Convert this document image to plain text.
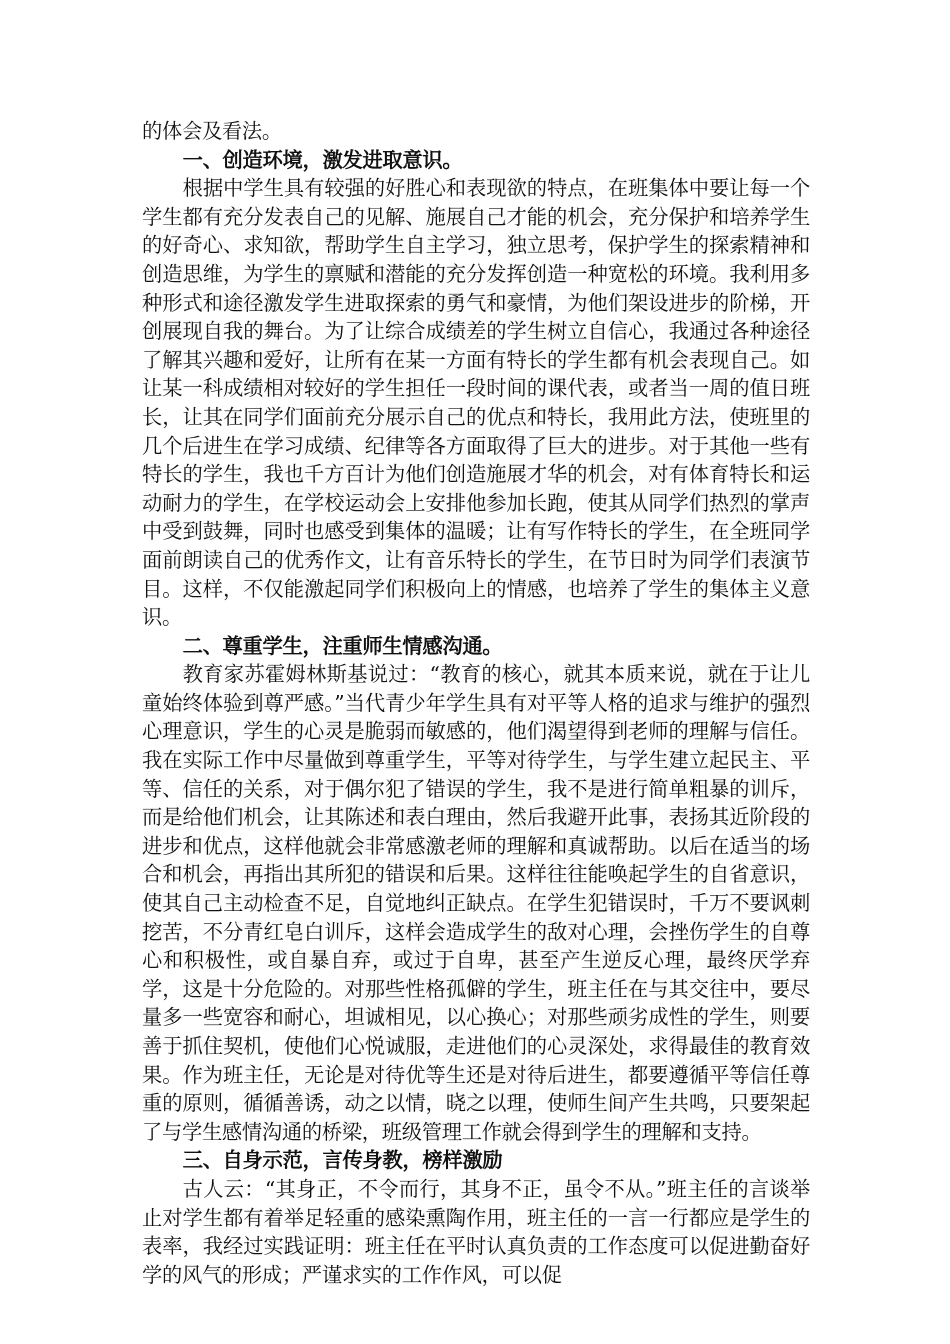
的体会及看法。

一、创造环境，激发进取意识。

根据中学生具有较强的好胜心和表现欲的特点，在班集体中要让每一个学生都有充分发表自己的见解、施展自己才能的机会，充分保护和培养学生的好奇心、求知欲，帮助学生自主学习，独立思考，保护学生的探索精神和创造思维，为学生的禀赋和潜能的充分发挥创造一种宽松的环境。我利用多种形式和途径激发学生进取探索的勇气和豪情，为他们架设进步的阶梯，开创展现自我的舞台。为了让综合成绩差的学生树立自信心，我通过各种途径了解其兴趣和爱好，让所有在某一方面有特长的学生都有机会表现自己。如让某一科成绩相对较好的学生担任一段时间的课代表，或者当一周的值日班长，让其在同学们面前充分展示自己的优点和特长，我用此方法，使班里的几个后进生在学习成绩、纪律等各方面取得了巨大的进步。对于其他一些有特长的学生，我也千方百计为他们创造施展才华的机会，对有体育特长和运动耐力的学生，在学校运动会上安排他参加长跑，使其从同学们热烈的掌声中受到鼓舞，同时也感受到集体的温暖；让有写作特长的学生，在全班同学面前朗读自己的优秀作文，让有音乐特长的学生，在节日时为同学们表演节目。这样，不仅能激起同学们积极向上的情感，也培养了学生的集体主义意识。

二、尊重学生，注重师生情感沟通。

教育家苏霍姆林斯基说过：“教育的核心，就其本质来说，就在于让儿童始终体验到尊严感。”当代青少年学生具有对平等人格的追求与维护的强烈心理意识，学生的心灵是脆弱而敏感的，他们渴望得到老师的理解与信任。我在实际工作中尽量做到尊重学生，平等对待学生，与学生建立起民主、平等、信任的关系，对于偶尔犯了错误的学生，我不是进行简单粗暴的训斥，而是给他们机会，让其陈述和表白理由，然后我避开此事，表扬其近阶段的进步和优点，这样他就会非常感激老师的理解和真诚帮助。以后在适当的场合和机会，再指出其所犯的错误和后果。这样往往能唤起学生的自省意识，使其自己主动检查不足，自觉地纠正缺点。在学生犯错误时，千万不要讽刺挖苦，不分青红皂白训斥，这样会造成学生的敌对心理，会挫伤学生的自尊心和积极性，或自暴自弃，或过于自卑，甚至产生逆反心理，最终厌学弃学，这是十分危险的。对那些性格孤僻的学生，班主任在与其交往中，要尽量多一些宽容和耐心，坦诚相见，以心换心；对那些顽劣成性的学生，则要善于抓住契机，使他们心悦诚服，走进他们的心灵深处，求得最佳的教育效果。作为班主任，无论是对待优等生还是对待后进生，都要遵循平等信任尊重的原则，循循善诱，动之以情，晓之以理，使师生间产生共鸣，只要架起了与学生感情沟通的桥梁，班级管理工作就会得到学生的理解和支持。

三、自身示范，言传身教，榜样激励

古人云：“其身正，不令而行，其身不正，虽令不从。”班主任的言谈举止对学生都有着举足轻重的感染熏陶作用，班主任的一言一行都应是学生的表率，我经过实践证明：班主任在平时认真负责的工作态度可以促进勤奋好学的风气的形成；严谨求实的工作作风，可以促
